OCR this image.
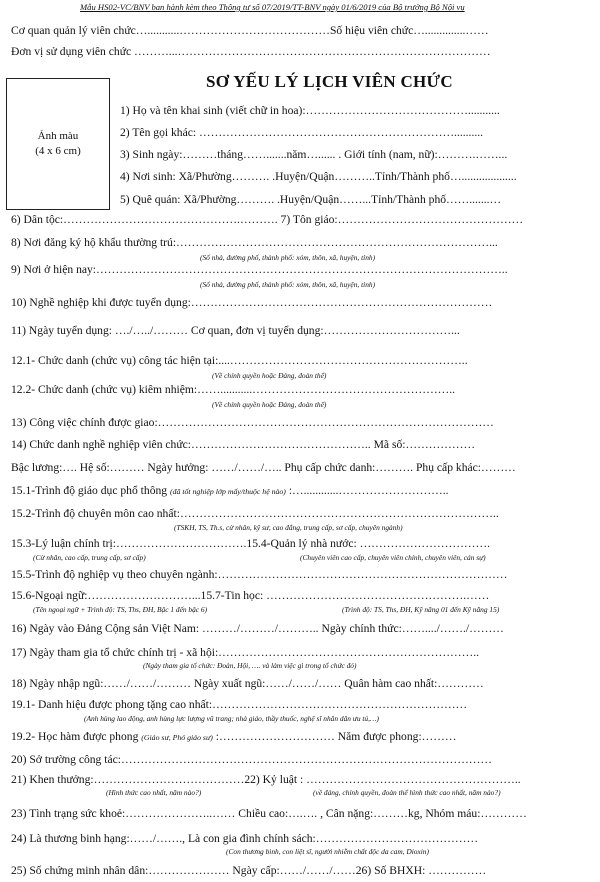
Mẫu HS02-VC/BNV ban hành kèm theo Thông tư số 07/2019/TT-BNV ngày 01/6/2019 của Bộ trưởng Bộ Nội vụ
Cơ quan quản lý viên chức…...........…………………………………Số hiệu viên chức…..............……
Đơn vị sử dụng viên chức ………...………………………………………………………………………
SƠ YẾU LÝ LỊCH VIÊN CHỨC
Ảnh màu
(4 x 6 cm)
1) Họ và tên khai sinh (viết chữ in hoa):……………………………………...........
2) Tên gọi khác: …………………………………………………………..........
3) Sinh ngày:………tháng…….......năm…...... . Giới tính (nam, nữ):……….……...
4) Nơi sinh: Xã/Phường………. .Huyện/Quận………..Tỉnh/Thành phố…...................
5) Quê quán: Xã/Phường………. .Huyện/Quận……...Tỉnh/Thành phố…….......…
6) Dân tộc:……………………………………….………. 7) Tôn giáo:…………………………………………
8) Nơi đăng ký hộ khẩu thường trú:………………………………………………………………………...
(Số nhà, đường phố, thành phố: xóm, thôn, xã, huyện, tỉnh)
9) Nơi ở hiện nay:……………………………………………………………………………………………..
(Số nhà, đường phố, thành phố: xóm, thôn, xã, huyện, tỉnh)
10) Nghề nghiệp khi được tuyển dụng:……………………………………………………………………
11) Ngày tuyển dụng: …./…../……… Cơ quan, đơn vị tuyển dụng:……………………………...
12.1- Chức danh (chức vụ) công tác hiện tại:....……………………………………………………..
(Về chính quyền hoặc Đảng, đoàn thể)
12.2- Chức danh (chức vụ) kiêm nhiệm:……...........……………………………………………..
(Về chính quyền hoặc Đảng, đoàn thể)
13) Công việc chính được giao:……………………………………………………………………………
14) Chức danh nghề nghiệp viên chức:……………………………………….. Mã số:………………
Bậc lương:…. Hệ số:……… Ngày hưởng: ……/……/….. Phụ cấp chức danh:………. Phụ cấp khác:………
15.1-Trình độ giáo dục phổ thông (đã tốt nghiệp lớp mấy/thuộc hệ nào) :…............………………………..
15.2-Trình độ chuyên môn cao nhất:………………………………………………………………………..
(TSKH, TS, Th.s, cử nhân, kỹ sư, cao đẳng, trung cấp, sơ cấp, chuyên ngành)
15.3-Lý luận chính trị:…………………………….15.4-Quản lý nhà nước: …………………………….
(Cử nhân, cao cấp, trung cấp, sơ cấp)	(Chuyên viên cao cấp, chuyên viên chính, chuyên viên, cán sự)
15.5-Trình độ nghiệp vụ theo chuyên ngành:…………………………………………………………………
15.6-Ngoại ngữ:………………………...15.7-Tin học: …………………………………………….……
(Tên ngoại ngữ + Trình độ: TS, Ths, ĐH, Bậc 1 đến bậc 6)	(Trình độ: TS, Ths, ĐH, Kỹ năng 01 đến Kỹ năng 15)
16) Ngày vào Đảng Cộng sản Việt Nam: ………/………/……….. Ngày chính thức:……..../……./………
17) Ngày tham gia tổ chức chính trị - xã hội:…………………………………………………………..
(Ngày tham gia tổ chức: Đoàn, Hội, …. và làm việc gì trong tổ chức đó)
18) Ngày nhập ngũ:……/……/……… Ngày xuất ngũ:……/……/…… Quân hàm cao nhất:…………
19.1- Danh hiệu được phong tặng cao nhất:…………………………………………………………
(Anh hùng lao động, anh hùng lực lượng vũ trang; nhà giáo, thầy thuốc, nghệ sĩ nhân dân ưu tú,…)
19.2- Học hàm được phong (Giáo sư, Phó giáo sư) :………………………… Năm được phong:………
20) Sở trường công tác:……………………………………………………………………………………
21) Khen thưởng:…………………………………22) Kỷ luật : ………………………………………………..
(Hình thức cao nhất, năm nào?)	(về đảng, chính quyền, đoàn thể hình thức cao nhất, năm nào?)
23) Tình trạng sức khoẻ:…………………..…… Chiều cao:….…. , Cân nặng:………kg, Nhóm máu:…………
24) Là thương binh hạng:……/……., Là con gia đình chính sách:……………………………………
(Con thương binh, con liệt sĩ, người nhiễm chất độc da cam, Dioxin)
25) Số chứng minh nhân dân:………………… Ngày cấp:……/……/……26) Số BHXH: ……………
